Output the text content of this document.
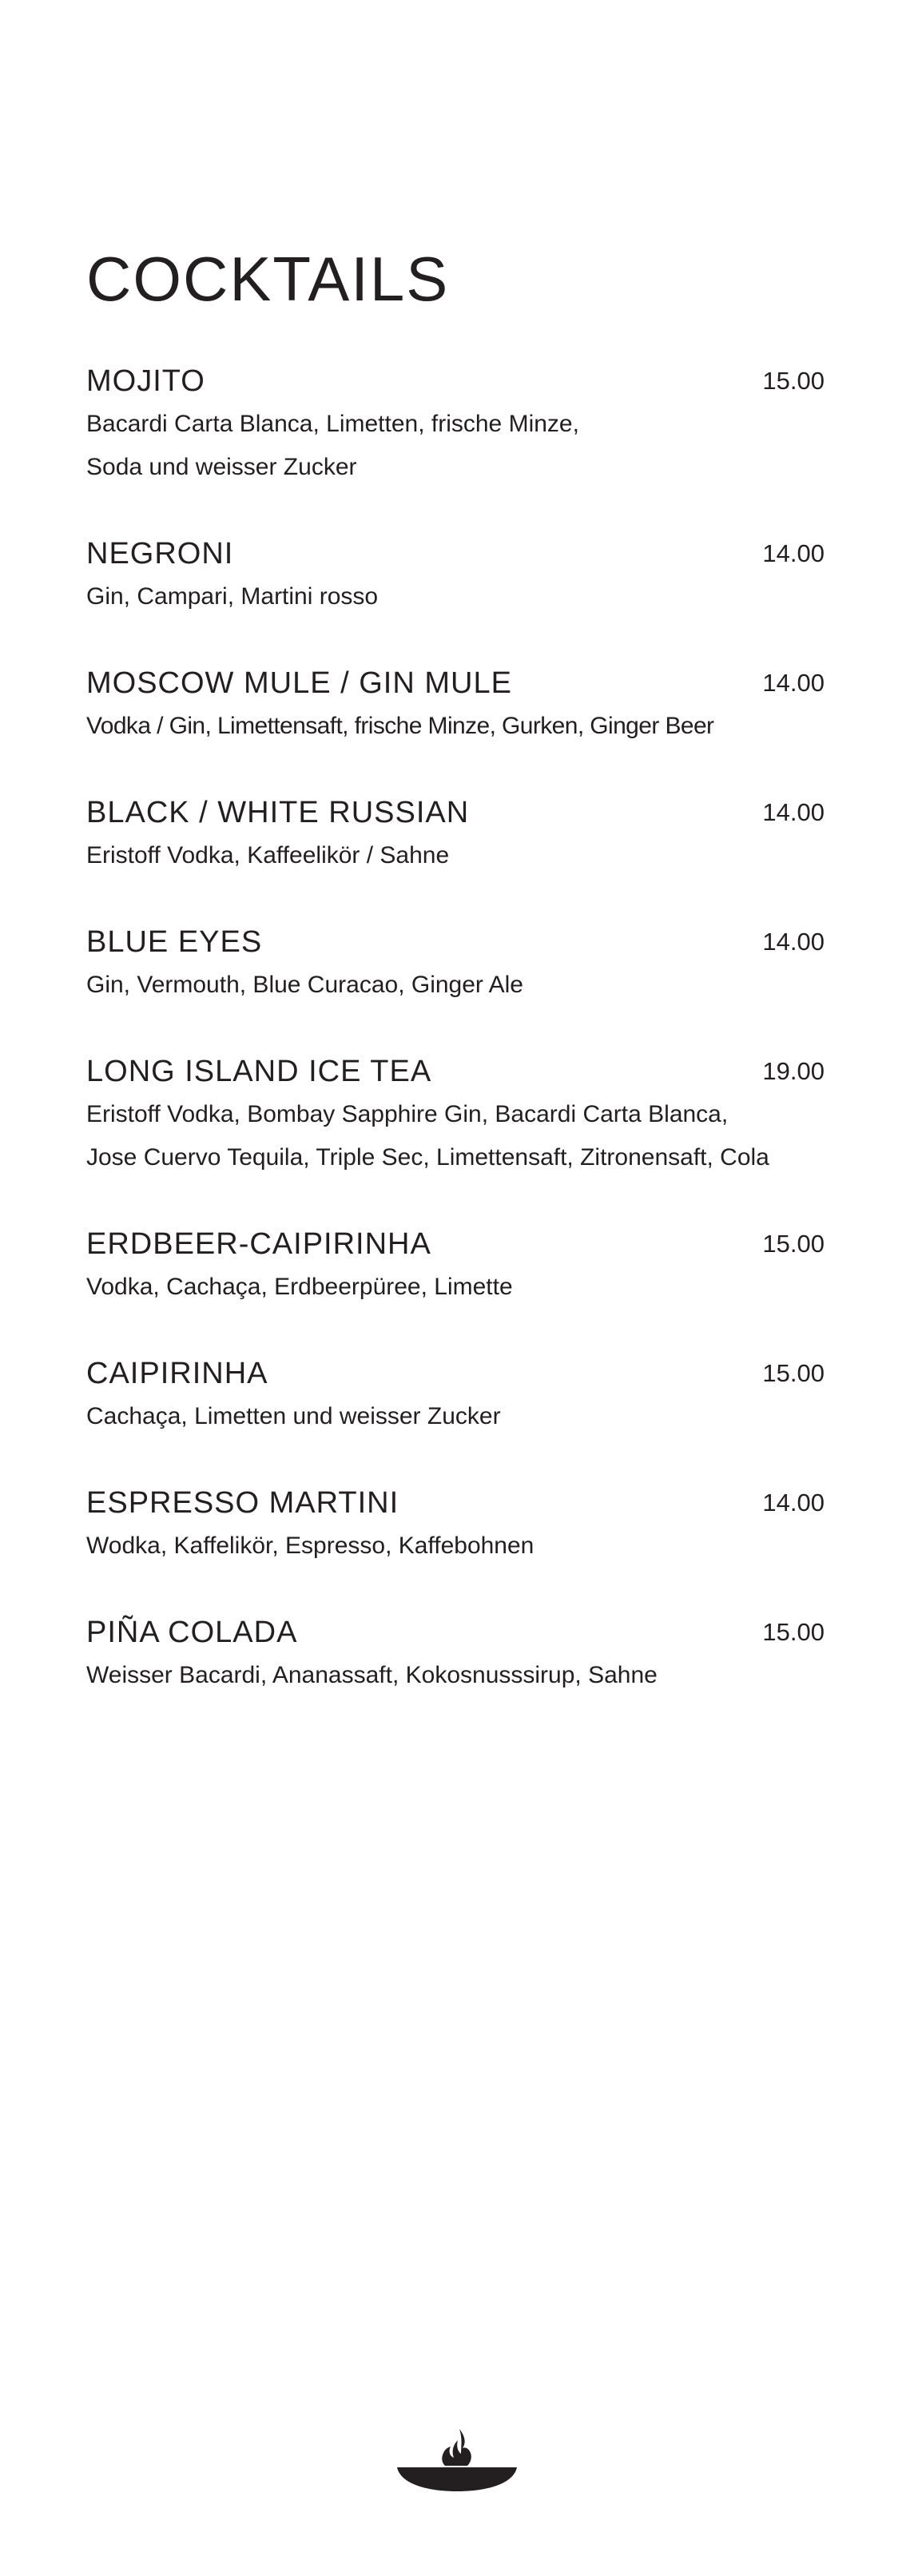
COCKTAILS
MOJITO	15.00
Bacardi Carta Blanca, Limetten, frische Minze, Soda und weisser Zucker
NEGRONI	14.00
Gin, Campari, Martini rosso
MOSCOW MULE / GIN MULE	14.00
Vodka / Gin, Limettensaft, frische Minze, Gurken, Ginger Beer
BLACK / WHITE RUSSIAN	14.00
Eristoff Vodka, Kaffeelikör / Sahne
BLUE EYES	14.00
Gin, Vermouth, Blue Curacao, Ginger Ale
LONG ISLAND ICE TEA	19.00
Eristoff Vodka, Bombay Sapphire Gin, Bacardi Carta Blanca, Jose Cuervo Tequila, Triple Sec, Limettensaft, Zitronensaft, Cola
ERDBEER-CAIPIRINHA	15.00
Vodka, Cachaça, Erdbeerpüree, Limette
CAIPIRINHA	15.00
Cachaça, Limetten und weisser Zucker
ESPRESSO MARTINI	14.00
Wodka, Kaffelikör, Espresso, Kaffebohnen
PIÑA COLADA	15.00
Weisser Bacardi, Ananassaft, Kokosnusssirup, Sahne
